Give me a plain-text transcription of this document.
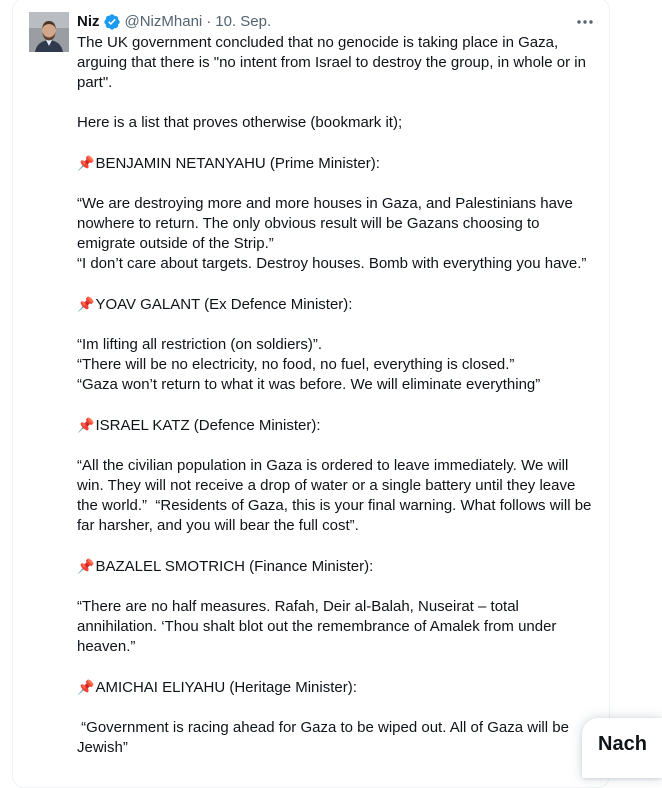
Niz @NizMhani · 10. Sep.

The UK government concluded that no genocide is taking place in Gaza, arguing that there is "no intent from Israel to destroy the group, in whole or in part".

Here is a list that proves otherwise (bookmark it);

📌BENJAMIN NETANYAHU (Prime Minister):

“We are destroying more and more houses in Gaza, and Palestinians have nowhere to return. The only obvious result will be Gazans choosing to emigrate outside of the Strip.”

“I don’t care about targets. Destroy houses. Bomb with everything you have.”

📌YOAV GALANT (Ex Defence Minister):

“Im lifting all restriction (on soldiers)”.

“There will be no electricity, no food, no fuel, everything is closed.”

“Gaza won’t return to what it was before. We will eliminate everything”

📌ISRAEL KATZ (Defence Minister):

“All the civilian population in Gaza is ordered to leave immediately. We will win. They will not receive a drop of water or a single battery until they leave the world.”  “Residents of Gaza, this is your final warning. What follows will be far harsher, and you will bear the full cost”.

📌BAZALEL SMOTRICH (Finance Minister):

“There are no half measures. Rafah, Deir al-Balah, Nuseirat – total annihilation. ‘Thou shalt blot out the remembrance of Amalek from under heaven.”

📌AMICHAI ELIYAHU (Heritage Minister):

“Government is racing ahead for Gaza to be wiped out. All of Gaza will be Jewish”	Nach
